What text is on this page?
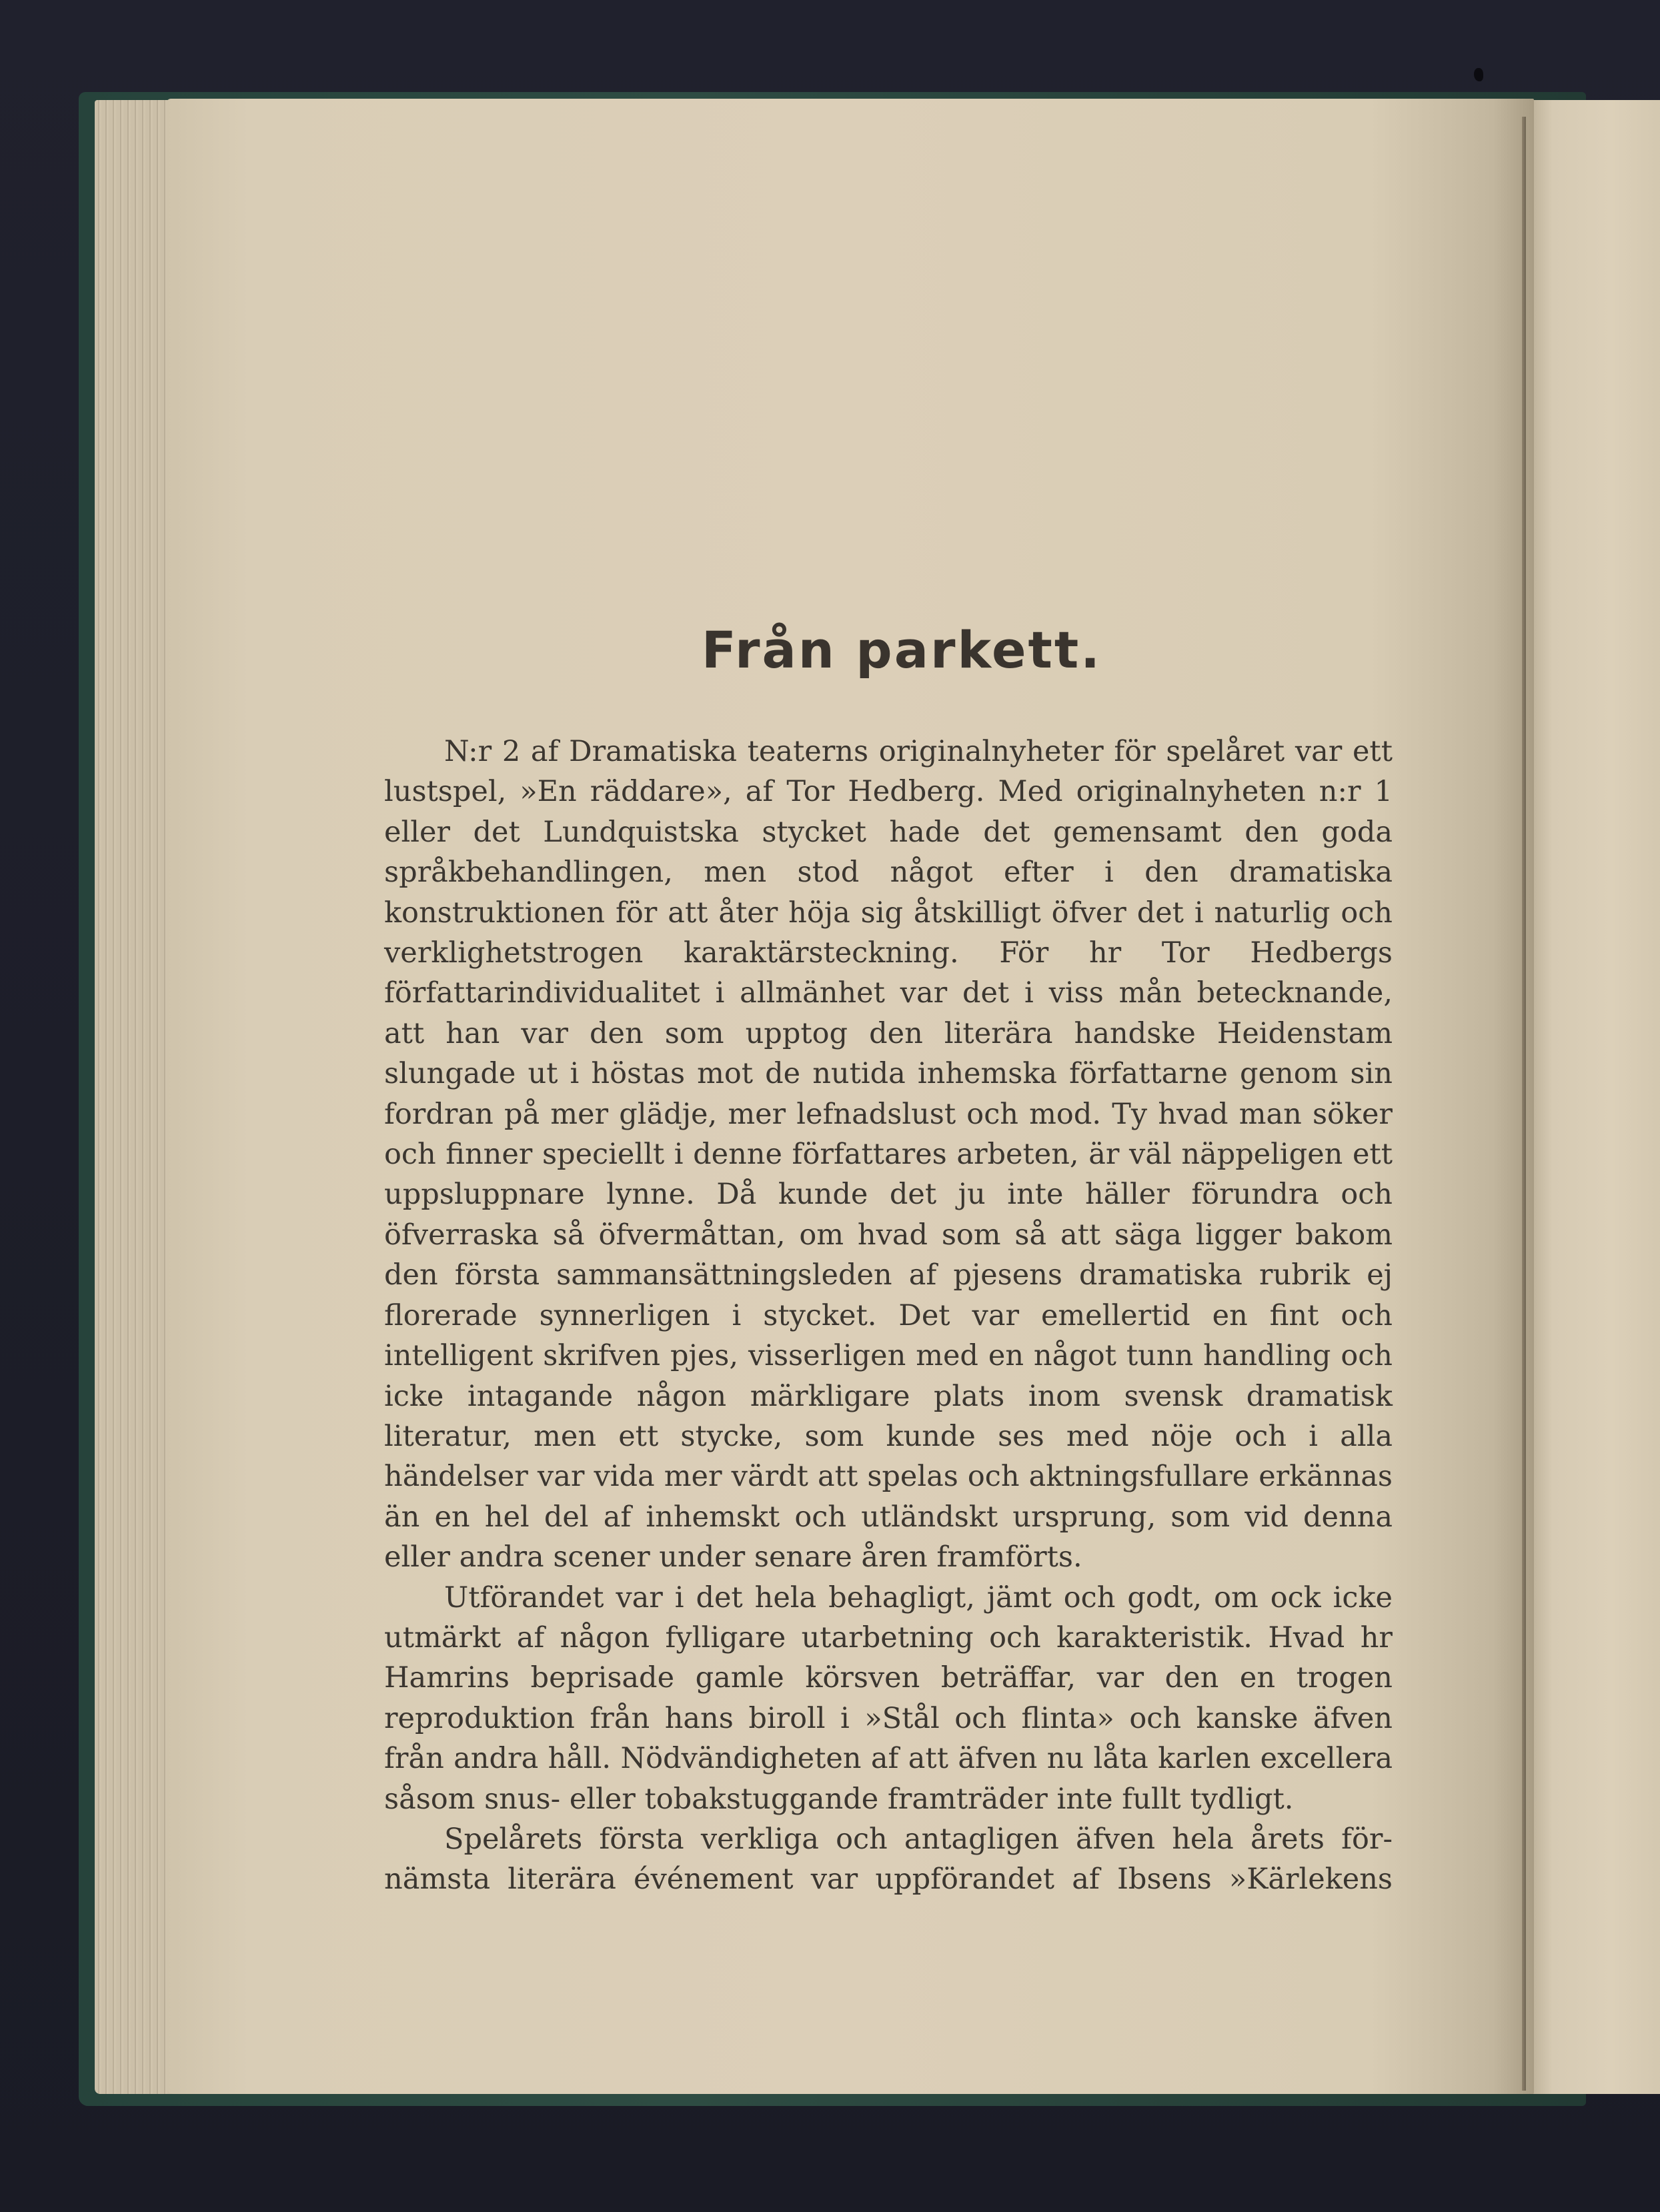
Från parkett.

N:r 2 af Dramatiska teaterns originalnyheter för spelåret var ett lustspel, »En räddare», af Tor Hedberg. Med originalnyheten n:r 1 eller det Lundquistska stycket hade det gemensamt den goda språkbehandlingen, men stod något efter i den dramatiska konstruktionen för att åter höja sig åtskilligt öfver det i naturlig och verklighetstrogen karaktärsteckning. För hr Tor Hedbergs författarindividualitet i allmänhet var det i viss mån betecknande, att han var den som upptog den literära handske Heidenstam slungade ut i höstas mot de nutida inhemska författarne genom sin fordran på mer glädje, mer lefnadslust och mod. Ty hvad man söker och finner speciellt i denne författares arbeten, är väl näppeligen ett uppsluppnare lynne. Då kunde det ju inte häller förundra och öfverraska så öfvermåttan, om hvad som så att säga ligger bakom den första sammansättningsleden af pjesens dramatiska rubrik ej florerade synnerligen i stycket. Det var emellertid en fint och intelligent skrifven pjes, visserligen med en något tunn handling och icke intagande någon märkligare plats inom svensk dramatisk literatur, men ett stycke, som kunde ses med nöje och i alla händelser var vida mer värdt att spelas och aktningsfullare erkännas än en hel del af inhemskt och utländskt ursprung, som vid denna eller andra scener under senare åren framförts.

Utförandet var i det hela behagligt, jämt och godt, om ock icke utmärkt af någon fylligare utarbetning och karakteristik. Hvad hr Hamrins beprisade gamle körsven beträffar, var den en trogen reproduktion från hans biroll i »Stål och flinta» och kanske äfven från andra håll. Nödvändigheten af att äfven nu låta karlen excellera såsom snus- eller tobakstuggande framträder inte fullt tydligt.

Spelårets första verkliga och antagligen äfven hela årets förnämsta literära événement var uppförandet af Ibsens »Kärlekens
